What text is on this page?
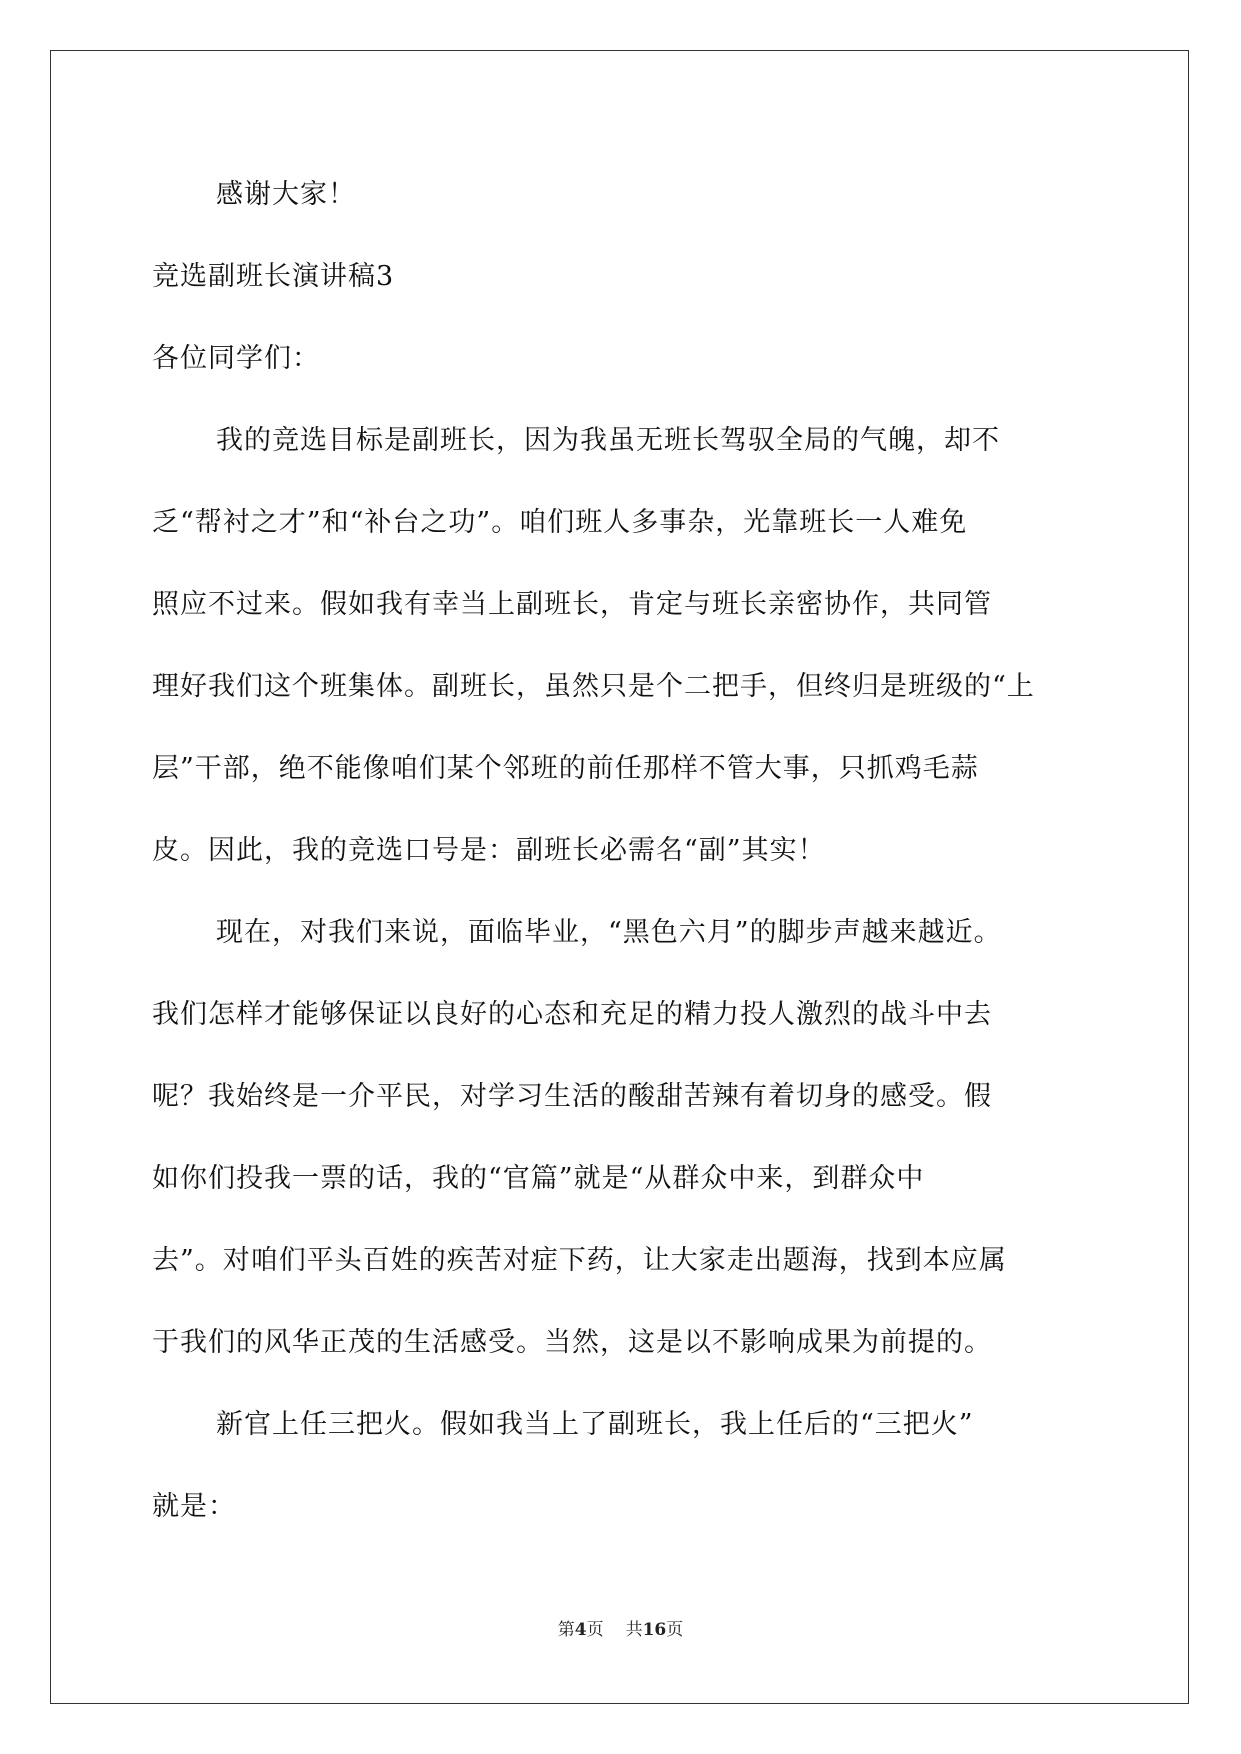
感谢大家！
竞选副班长演讲稿3
各位同学们：
我的竞选目标是副班长，因为我虽无班长驾驭全局的气魄，却不
乏“帮衬之才”和“补台之功”。咱们班人多事杂，光靠班长一人难免
照应不过来。假如我有幸当上副班长，肯定与班长亲密协作，共同管
理好我们这个班集体。副班长，虽然只是个二把手，但终归是班级的“上
层”干部，绝不能像咱们某个邻班的前任那样不管大事，只抓鸡毛蒜
皮。因此，我的竞选口号是：副班长必需名“副”其实！
现在，对我们来说，面临毕业，“黑色六月”的脚步声越来越近。
我们怎样才能够保证以良好的心态和充足的精力投人激烈的战斗中去
呢？我始终是一介平民，对学习生活的酸甜苦辣有着切身的感受。假
如你们投我一票的话，我的“官篇”就是“从群众中来，到群众中
去”。对咱们平头百姓的疾苦对症下药，让大家走出题海，找到本应属
于我们的风华正茂的生活感受。当然，这是以不影响成果为前提的。
新官上任三把火。假如我当上了副班长，我上任后的“三把火”
就是：
第4页 共16页
